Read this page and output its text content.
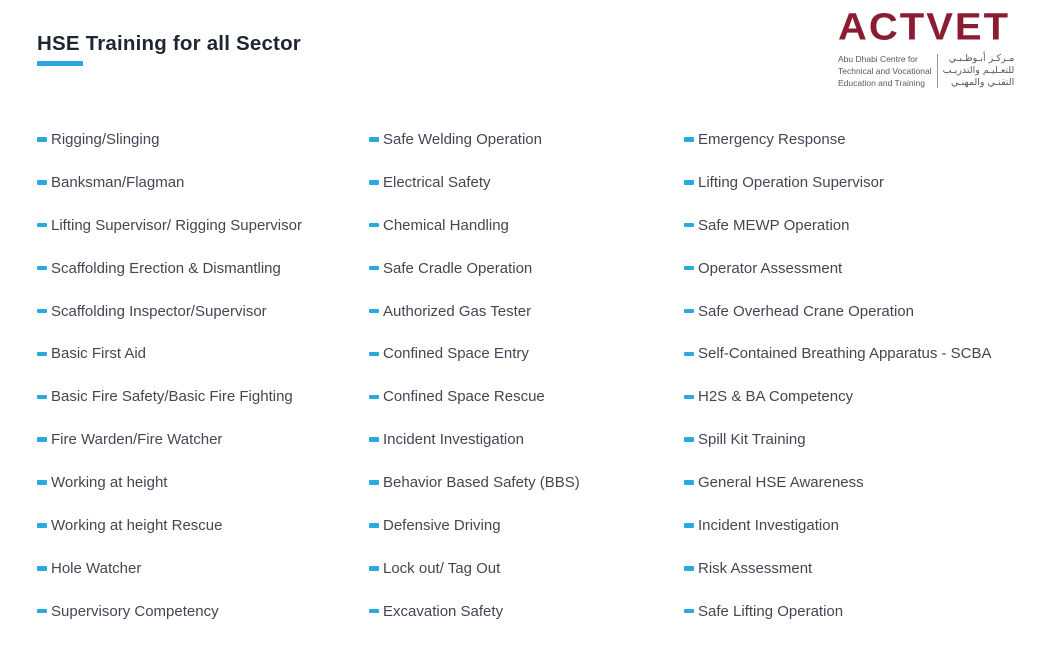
HSE Training for all Sector	ACTVET
Abu Dhabi Centre for
Technical and Vocational
Education and Training
مـركـز أبـوظـبـي
للتعـليـم والتدريـب
التقنـي والمهنـي
Rigging/Slinging
Banksman/Flagman
Lifting Supervisor/ Rigging Supervisor
Scaffolding Erection & Dismantling
Scaffolding Inspector/Supervisor
Basic First Aid
Basic Fire Safety/Basic Fire Fighting
Fire Warden/Fire Watcher
Working at height
Working at height Rescue
Hole Watcher
Supervisory Competency
Safe Welding Operation
Electrical Safety
Chemical Handling
Safe Cradle Operation
Authorized Gas Tester
Confined Space Entry
Confined Space Rescue
Incident Investigation
Behavior Based Safety (BBS)
Defensive Driving
Lock out/ Tag Out
Excavation Safety
Emergency Response
Lifting Operation Supervisor
Safe MEWP Operation
Operator Assessment
Safe Overhead Crane Operation
Self-Contained Breathing Apparatus - SCBA
H2S & BA Competency
Spill Kit Training
General HSE Awareness
Incident Investigation
Risk Assessment
Safe Lifting Operation
